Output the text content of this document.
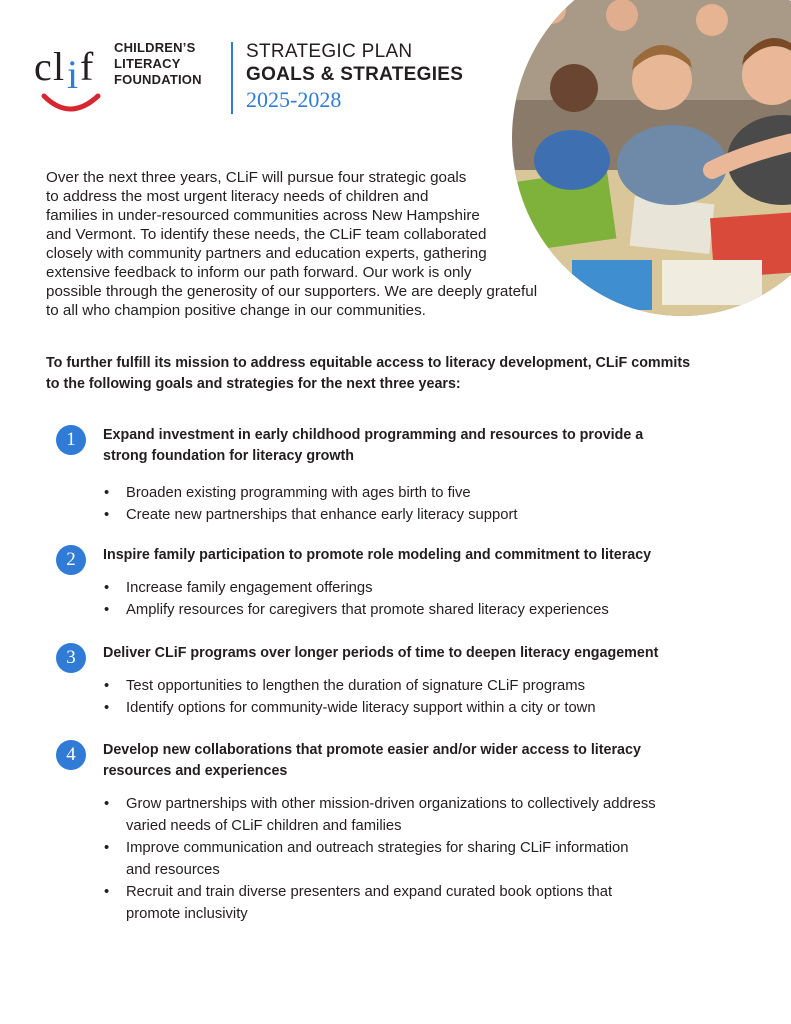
c l i f CHILDREN’S
LITERACY
FOUNDATION
STRATEGIC PLAN
GOALS & STRATEGIES
2025-2028
Over the next three years, CLiF will pursue four strategic goals
to address the most urgent literacy needs of children and
families in under-resourced communities across New Hampshire
and Vermont. To identify these needs, the CLiF team collaborated
closely with community partners and education experts, gathering
extensive feedback to inform our path forward. Our work is only
possible through the generosity of our supporters. We are deeply grateful
to all who champion positive change in our communities.
To further fulfill its mission to address equitable access to literacy development, CLiF commits
to the following goals and strategies for the next three years:
1	Expand investment in early childhood programming and resources to provide a
strong foundation for literacy growth
• Broaden existing programming with ages birth to five
• Create new partnerships that enhance early literacy support
2	Inspire family participation to promote role modeling and commitment to literacy
• Increase family engagement offerings
• Amplify resources for caregivers that promote shared literacy experiences
3	Deliver CLiF programs over longer periods of time to deepen literacy engagement
• Test opportunities to lengthen the duration of signature CLiF programs
• Identify options for community-wide literacy support within a city or town
4	Develop new collaborations that promote easier and/or wider access to literacy
resources and experiences
• Grow partnerships with other mission-driven organizations to collectively address
varied needs of CLiF children and families
• Improve communication and outreach strategies for sharing CLiF information
and resources
• Recruit and train diverse presenters and expand curated book options that
promote inclusivity
